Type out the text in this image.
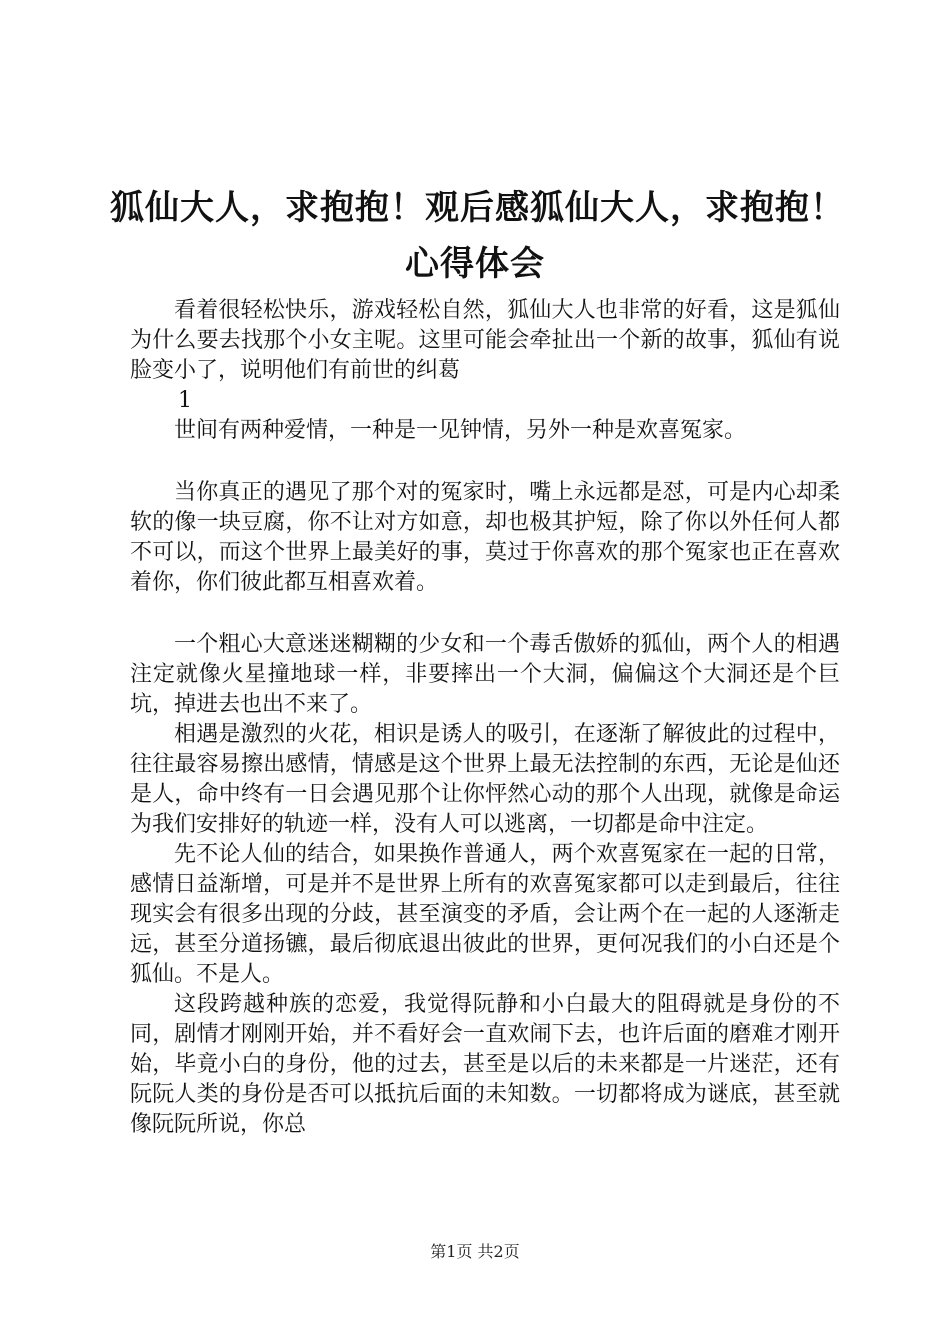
狐仙大人，求抱抱！观后感狐仙大人，求抱抱！
心得体会

看着很轻松快乐，游戏轻松自然，狐仙大人也非常的好看，这是狐仙为什么要去找那个小女主呢。这里可能会牵扯出一个新的故事，狐仙有说脸变小了，说明他们有前世的纠葛

1

世间有两种爱情，一种是一见钟情，另外一种是欢喜冤家。

当你真正的遇见了那个对的冤家时，嘴上永远都是怼，可是内心却柔软的像一块豆腐，你不让对方如意，却也极其护短，除了你以外任何人都不可以，而这个世界上最美好的事，莫过于你喜欢的那个冤家也正在喜欢着你，你们彼此都互相喜欢着。

一个粗心大意迷迷糊糊的少女和一个毒舌傲娇的狐仙，两个人的相遇注定就像火星撞地球一样，非要摔出一个大洞，偏偏这个大洞还是个巨坑，掉进去也出不来了。

相遇是激烈的火花，相识是诱人的吸引，在逐渐了解彼此的过程中，往往最容易擦出感情，情感是这个世界上最无法控制的东西，无论是仙还是人，命中终有一日会遇见那个让你怦然心动的那个人出现，就像是命运为我们安排好的轨迹一样，没有人可以逃离，一切都是命中注定。

先不论人仙的结合，如果换作普通人，两个欢喜冤家在一起的日常，感情日益渐增，可是并不是世界上所有的欢喜冤家都可以走到最后，往往现实会有很多出现的分歧，甚至演变的矛盾，会让两个在一起的人逐渐走远，甚至分道扬镳，最后彻底退出彼此的世界，更何况我们的小白还是个狐仙。不是人。

这段跨越种族的恋爱，我觉得阮静和小白最大的阻碍就是身份的不同，剧情才刚刚开始，并不看好会一直欢闹下去，也许后面的磨难才刚开始，毕竟小白的身份，他的过去，甚至是以后的未来都是一片迷茫，还有阮阮人类的身份是否可以抵抗后面的未知数。一切都将成为谜底，甚至就像阮阮所说，你总

第1页 共2页
